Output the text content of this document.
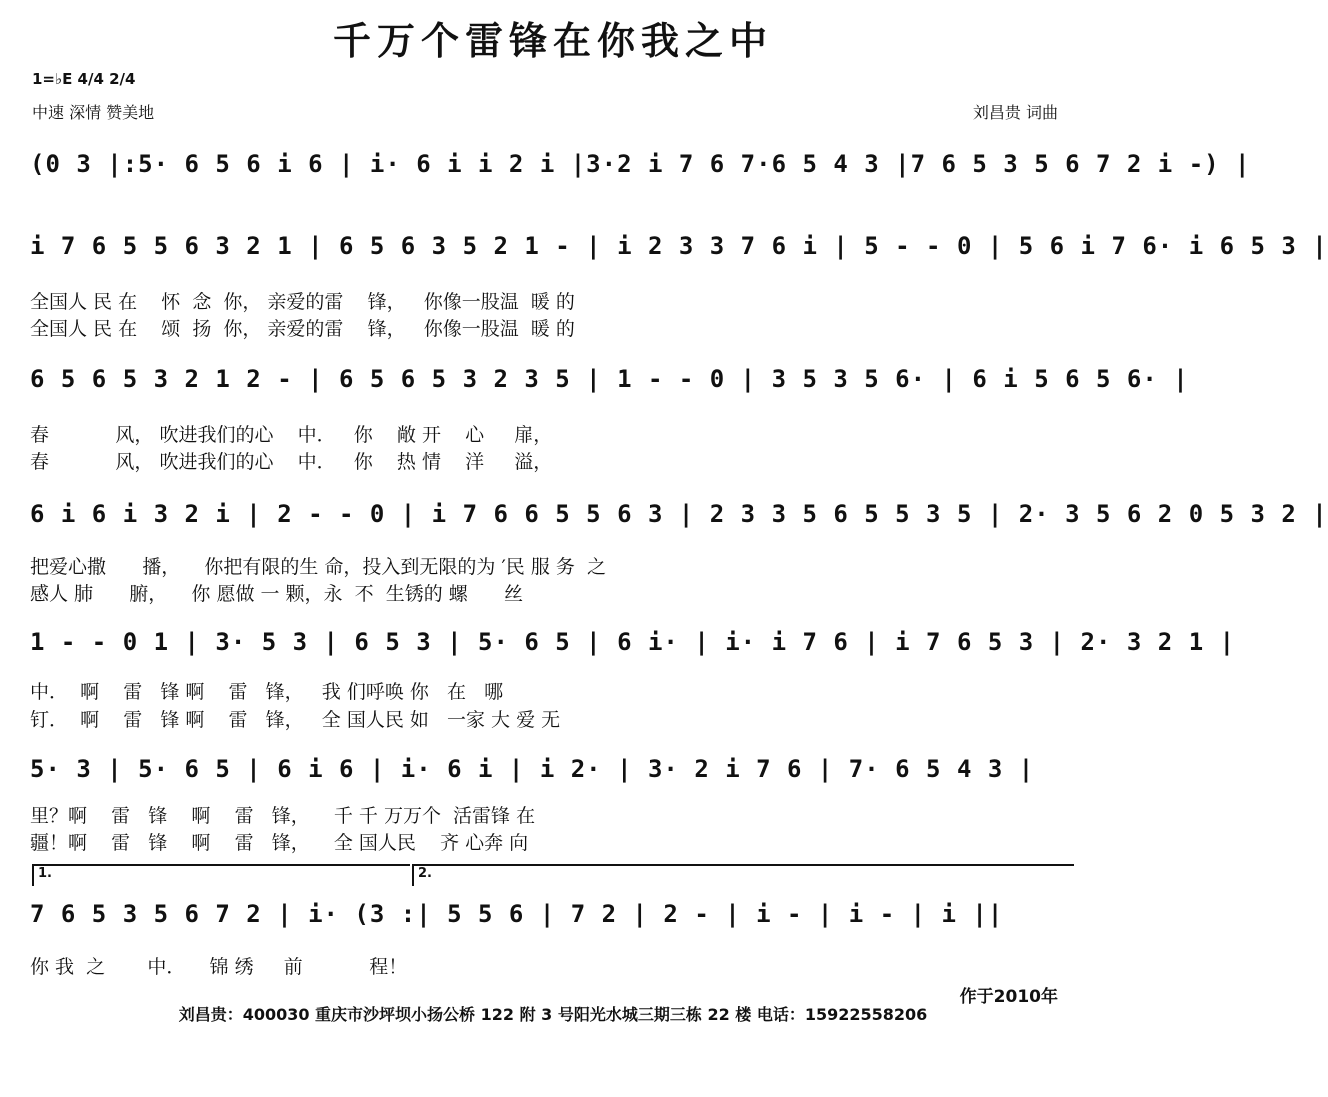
千万个雷锋在你我之中
1=♭E 4/4 2/4
中速 深情 赞美地	刘昌贵 词曲
(0 3 |:5· 6 5 6 i 6 | i· 6 i i 2 i |3·2 i 7 6 7·6 5 4 3 |7 6 5 3 5 6 7 2 i -) |
i 7 6 5 5 6 3 2 1 | 6 5 6 3 5 2 1 - | i 2 3 3 7 6 i | 5 - - 0 | 5 6 i 7 6· i 6 5 3 |
全国人 民 在    怀  念  你， 亲爱的雷    锋，   你像一股温  暖 的
全国人 民 在    颂  扬  你， 亲爱的雷    锋，   你像一股温  暖 的
6 5 6 5 3 2 1 2 - | 6 5 6 5 3 2 3 5 | 1 - - 0 | 3 5 3 5 6· | 6 i 5 6 5 6· |
春           风， 吹进我们的心    中．   你    敞 开    心     扉，
春           风， 吹进我们的心    中．   你    热 情    洋     溢，
6 i 6 i 3 2 i | 2 - - 0 | i 7 6 6 5 5 6 3 | 2 3 3 5 6 5 5 3 5 | 2· 3 5 6 2 0 5 3 2 |
把爱心撒      播，    你把有限的生 命，投入到无限的为 ′民 服 务  之
感人 肺      腑，    你 愿做 一 颗，永  不  生锈的 螺      丝
1 - - 0 1 | 3· 5 3 | 6 5 3 | 5· 6 5 | 6 i· | i· i 7 6 | i 7 6 5 3 | 2· 3 2 1 |
中．  啊    雷   锋 啊    雷   锋，   我 们呼唤 你   在   哪
钉．  啊    雷   锋 啊    雷   锋，   全 国人民 如   一家 大 爱 无
5· 3 | 5· 6 5 | 6 i 6 | i· 6 i | i 2· | 3· 2 i 7 6 | 7· 6 5 4 3 |
里？啊    雷   锋    啊    雷   锋，    千 千 万万个  活雷锋 在
疆！啊    雷   锋    啊    雷   锋，    全 国人民    齐 心奔 向
1.	2.
7 6 5 3 5 6 7 2 | i· (3 :| 5 5 6 | 7 2 | 2 - | i - | i - | i ||
你 我  之       中．    锦 绣     前           程！
作于2010年
刘昌贵：400030 重庆市沙坪坝小扬公桥 122 附 3 号阳光水城三期三栋 22 楼 电话：15922558206
